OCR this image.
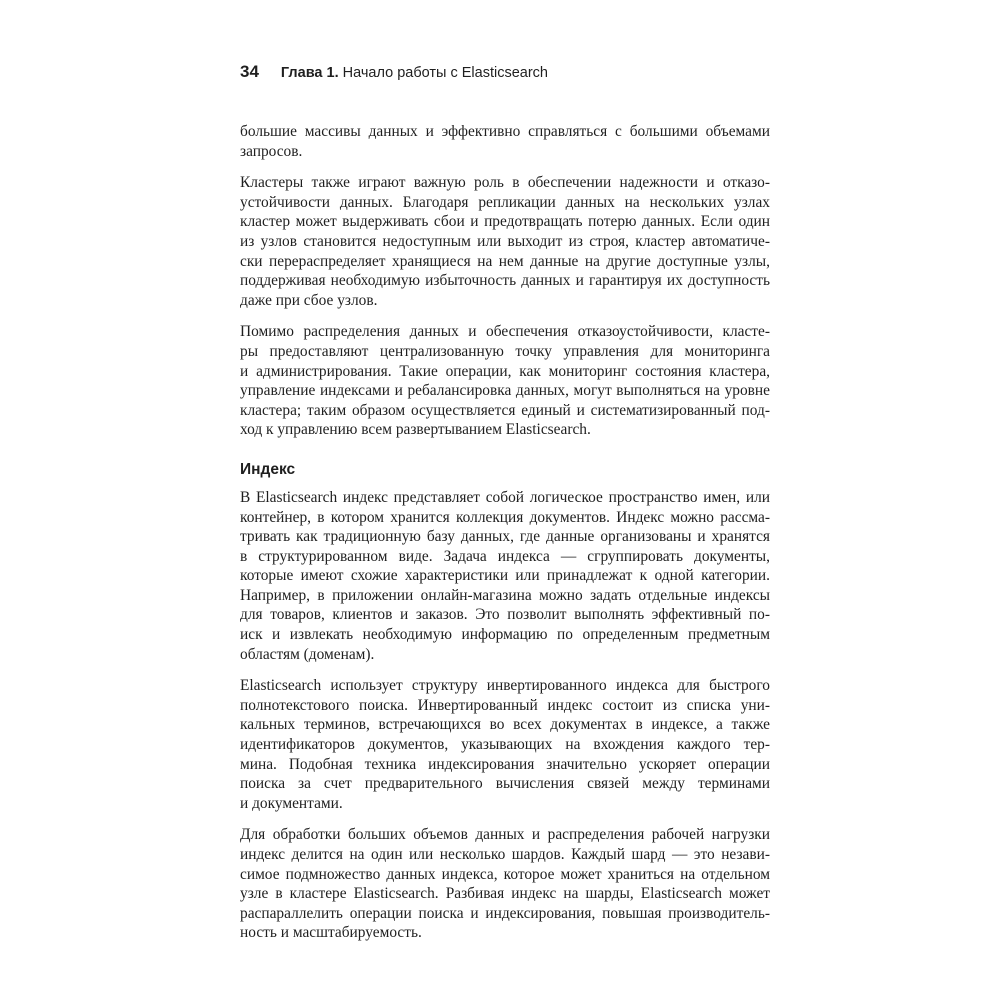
34 Глава 1. Начало работы с Elasticsearch

большие массивы данных и эффективно справляться с большими объемами
запросов.

Кластеры также играют важную роль в обеспечении надежности и отказо-
устойчивости данных. Благодаря репликации данных на нескольких узлах
кластер может выдерживать сбои и предотвращать потерю данных. Если один
из узлов становится недоступным или выходит из строя, кластер автоматиче-
ски перераспределяет хранящиеся на нем данные на другие доступные узлы,
поддерживая необходимую избыточность данных и гарантируя их доступность
даже при сбое узлов.

Помимо распределения данных и обеспечения отказоустойчивости, класте-
ры предоставляют централизованную точку управления для мониторинга
и администрирования. Такие операции, как мониторинг состояния кластера,
управление индексами и ребалансировка данных, могут выполняться на уровне
кластера; таким образом осуществляется единый и систематизированный под-
ход к управлению всем развертыванием Elasticsearch.

Индекс

В Elasticsearch индекс представляет собой логическое пространство имен, или
контейнер, в котором хранится коллекция документов. Индекс можно рассма-
тривать как традиционную базу данных, где данные организованы и хранятся
в структурированном виде. Задача индекса — сгруппировать документы,
которые имеют схожие характеристики или принадлежат к одной категории.
Например, в приложении онлайн-магазина можно задать отдельные индексы
для товаров, клиентов и заказов. Это позволит выполнять эффективный по-
иск и извлекать необходимую информацию по определенным предметным
областям (доменам).

Elasticsearch использует структуру инвертированного индекса для быстрого
полнотекстового поиска. Инвертированный индекс состоит из списка уни-
кальных терминов, встречающихся во всех документах в индексе, а также
идентификаторов документов, указывающих на вхождения каждого тер-
мина. Подобная техника индексирования значительно ускоряет операции
поиска за счет предварительного вычисления связей между терминами
и документами.

Для обработки больших объемов данных и распределения рабочей нагрузки
индекс делится на один или несколько шардов. Каждый шард — это незави-
симое подмножество данных индекса, которое может храниться на отдельном
узле в кластере Elasticsearch. Разбивая индекс на шарды, Elasticsearch может
распараллелить операции поиска и индексирования, повышая производитель-
ность и масштабируемость.
